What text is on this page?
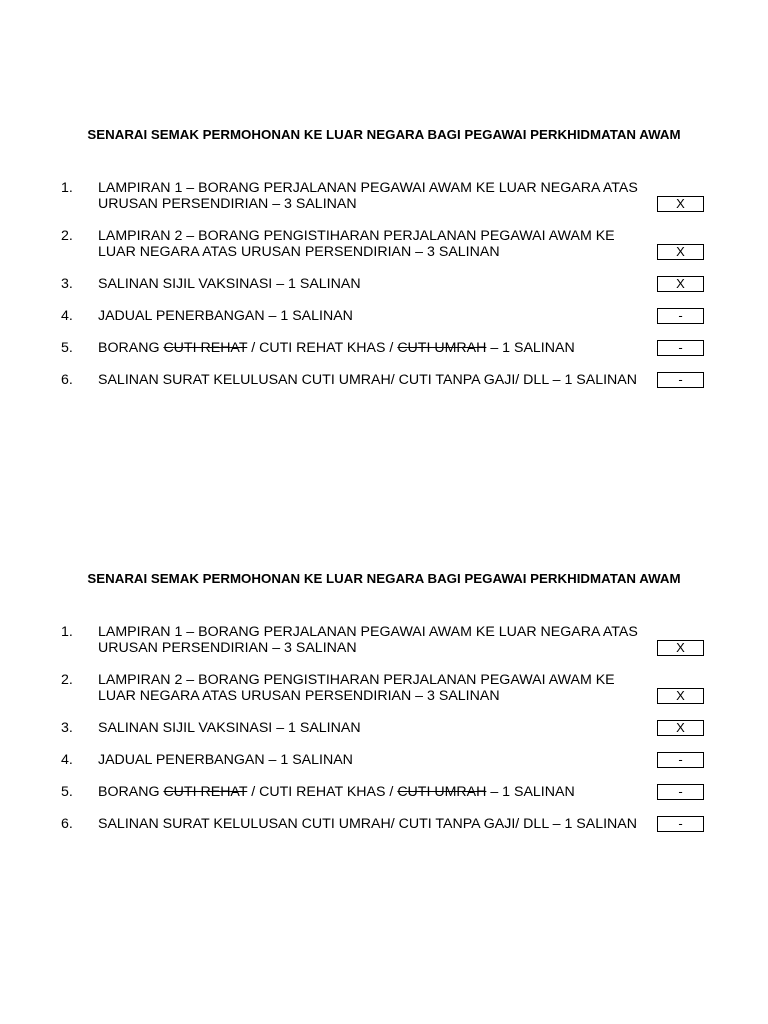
SENARAI SEMAK PERMOHONAN KE LUAR NEGARA BAGI PEGAWAI PERKHIDMATAN AWAM
1. LAMPIRAN 1 – BORANG PERJALANAN PEGAWAI AWAM KE LUAR NEGARA ATAS
URUSAN PERSENDIRIAN – 3 SALINAN	X
2. LAMPIRAN 2 – BORANG PENGISTIHARAN PERJALANAN PEGAWAI AWAM KE
LUAR NEGARA ATAS URUSAN PERSENDIRIAN – 3 SALINAN	X
3. SALINAN SIJIL VAKSINASI – 1 SALINAN	X
4. JADUAL PENERBANGAN – 1 SALINAN	-
5. BORANG CUTI REHAT / CUTI REHAT KHAS / CUTI UMRAH – 1 SALINAN	-
6. SALINAN SURAT KELULUSAN CUTI UMRAH/ CUTI TANPA GAJI/ DLL – 1 SALINAN	-
SENARAI SEMAK PERMOHONAN KE LUAR NEGARA BAGI PEGAWAI PERKHIDMATAN AWAM
1. LAMPIRAN 1 – BORANG PERJALANAN PEGAWAI AWAM KE LUAR NEGARA ATAS
URUSAN PERSENDIRIAN – 3 SALINAN	X
2. LAMPIRAN 2 – BORANG PENGISTIHARAN PERJALANAN PEGAWAI AWAM KE
LUAR NEGARA ATAS URUSAN PERSENDIRIAN – 3 SALINAN	X
3. SALINAN SIJIL VAKSINASI – 1 SALINAN	X
4. JADUAL PENERBANGAN – 1 SALINAN	-
5. BORANG CUTI REHAT / CUTI REHAT KHAS / CUTI UMRAH – 1 SALINAN	-
6. SALINAN SURAT KELULUSAN CUTI UMRAH/ CUTI TANPA GAJI/ DLL – 1 SALINAN	-
